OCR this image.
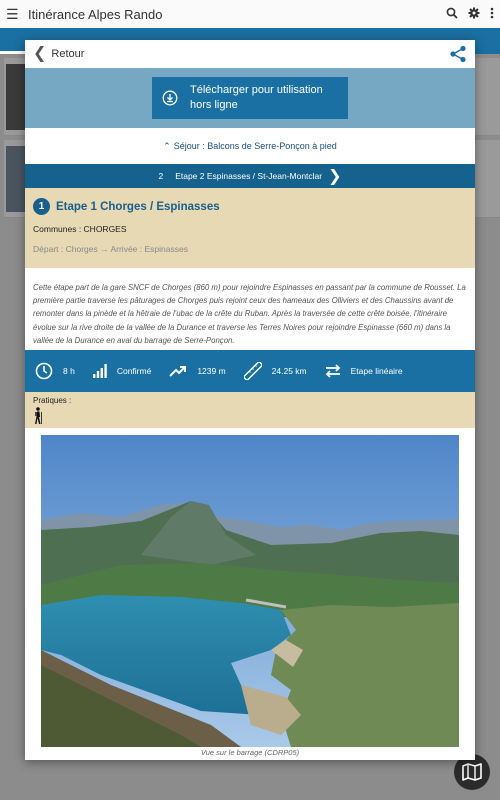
☰ Itinérance Alpes Rando
❮ Retour
Télécharger pour utilisation hors ligne
⌃ Séjour : Balcons de Serre-Ponçon à pied
2 Etape 2 Espinasses / St-Jean-Montclar ❯
1	Etape 1 Chorges / Espinasses
Communes : CHORGES
Départ : Chorges → Arrivée : Espinasses
Cette étape part de la gare SNCF de Chorges (860 m) pour rejoindre Espinasses en passant par la commune de Rousset. La première partie traverse les pâturages de Chorges puis rejoint ceux des hameaux des Olliviers et des Chaussins avant de remonter dans la pinède et la hêtraie de l'ubac de la crête du Ruban. Après la traversée de cette crête boisée, l'itinéraire évolue sur la rive droite de la vallée de la Durance et traverse les Terres Noires pour rejoindre Espinasse (660 m) dans la vallée de la Durance en aval du barrage de Serre-Ponçon.
8 h	Confirmé	1239 m	24.25 km	Etape linéaire
Pratiques :
Vue sur le barrage (CDRP05)
